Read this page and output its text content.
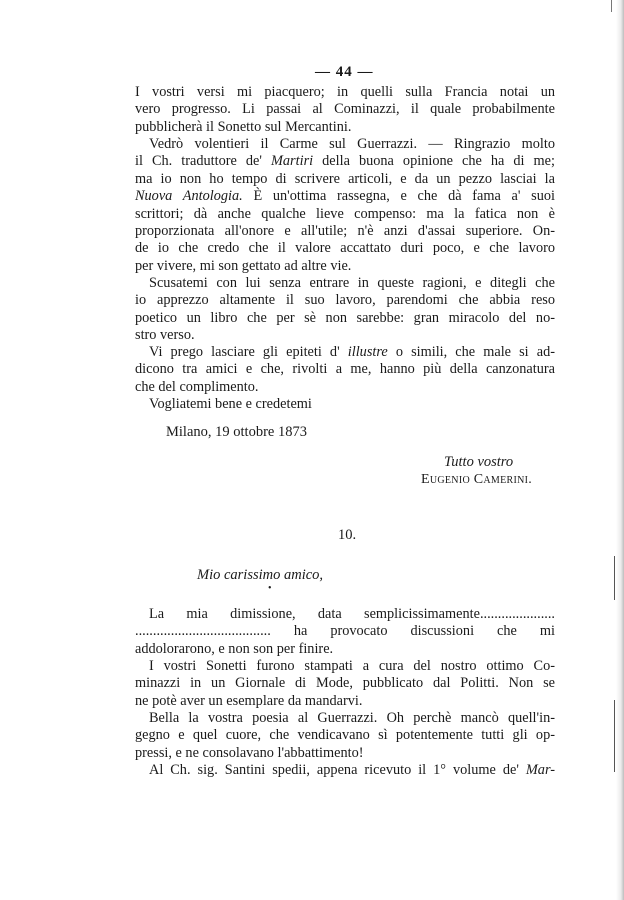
— 44 —
I vostri versi mi piacquero; in quelli sulla Francia notai un
vero progresso. Li passai al Cominazzi, il quale probabilmente
pubblicherà il Sonetto sul Mercantini.
Vedrò volentieri il Carme sul Guerrazzi. — Ringrazio molto
il Ch. traduttore de' Martiri della buona opinione che ha di me;
ma io non ho tempo di scrivere articoli, e da un pezzo lasciai la
Nuova Antologia. È un'ottima rassegna, e che dà fama a' suoi
scrittori; dà anche qualche lieve compenso: ma la fatica non è
proporzionata all'onore e all'utile; n'è anzi d'assai superiore. On-
de io che credo che il valore accattato duri poco, e che lavoro
per vivere, mi son gettato ad altre vie.
Scusatemi con lui senza entrare in queste ragioni, e ditegli che
io apprezzo altamente il suo lavoro, parendomi che abbia reso
poetico un libro che per sè non sarebbe: gran miracolo del no-
stro verso.
Vi prego lasciare gli epiteti d' illustre o simili, che male si ad-
dicono tra amici e che, rivolti a me, hanno più della canzonatura
che del complimento.
Vogliatemi bene e credetemi
Milano, 19 ottobre 1873
Tutto vostro
Eugenio Camerini.
10.
Mio carissimo amico,
•
La mia dimissione, data semplicissimamente.....................
...................................... ha provocato discussioni che mi
addolorarono, e non son per finire.
I vostri Sonetti furono stampati a cura del nostro ottimo Co-
minazzi in un Giornale di Mode, pubblicato dal Politti. Non se
ne potè aver un esemplare da mandarvi.
Bella la vostra poesia al Guerrazzi. Oh perchè mancò quell'in-
gegno e quel cuore, che vendicavano sì potentemente tutti gli op-
pressi, e ne consolavano l'abbattimento!
Al Ch. sig. Santini spedii, appena ricevuto il 1° volume de' Mar-
